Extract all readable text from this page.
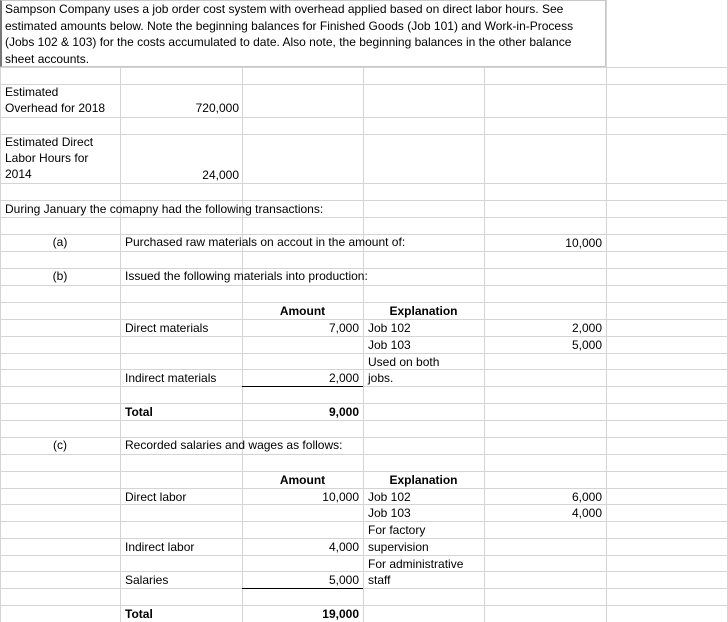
Sampson Company uses a job order cost system with overhead applied based on direct labor hours. See estimated amounts below. Note the beginning balances for Finished Goods (Job 101) and Work-in-Process (Jobs 102 & 103) for the costs accumulated to date. Also note, the beginning balances in the other balance sheet accounts.
Estimated
Overhead for 2018	720,000
Estimated Direct
Labor Hours for
2014	24,000
During January the comapny had the following transactions:
(a)	Purchased raw materials on accout in the amount of:	10,000
(b)	Issued the following materials into production:
Amount	Explanation
Direct materials	7,000 Job 102	2,000
Job 103	5,000
Used on both
Indirect materials	2,000 jobs.
Total	9,000
(c)	Recorded salaries and wages as follows:
Amount	Explanation
Direct labor	10,000 Job 102	6,000
Job 103	4,000
For factory
Indirect labor	4,000 supervision
For administrative
Salaries	5,000 staff
Total	19,000
